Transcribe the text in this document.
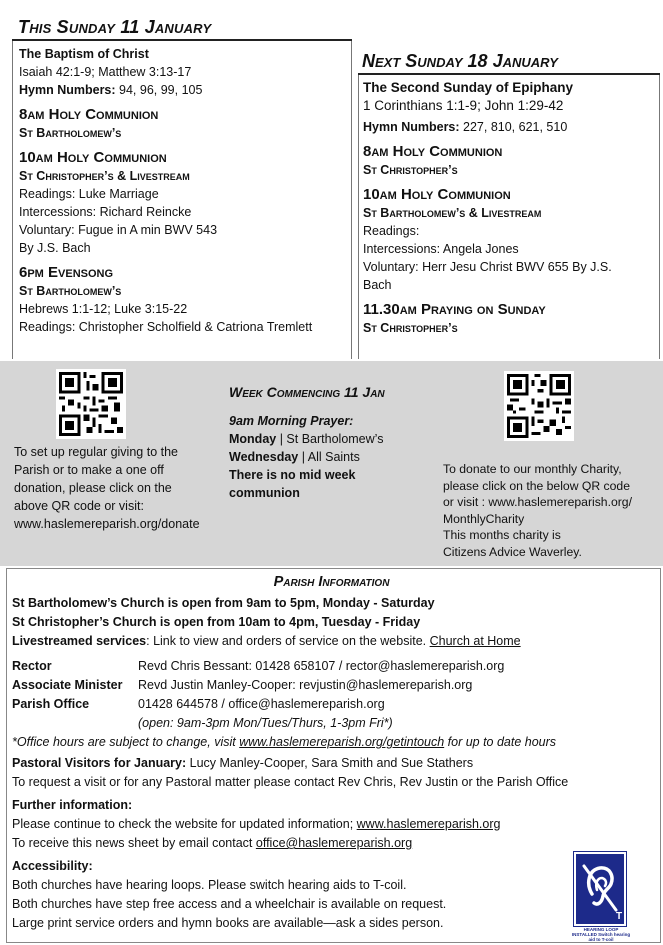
This Sunday 11 January

The Baptism of Christ

Isaiah 42:1-9; Matthew 3:13-17

Hymn Numbers: 94, 96, 99, 105

8am Holy Communion
St Bartholomew’s
10am Holy Communion
St Christopher’s & Livestream

Readings: Luke Marriage

Intercessions: Richard Reincke

Voluntary: Fugue in A min BWV 543

By J.S. Bach

6pm Evensong
St Bartholomew’s

Hebrews 1:1-12; Luke 3:15-22

Readings: Christopher Scholfield & Catriona Tremlett

Next Sunday 18 January

The Second Sunday of Epiphany

1 Corinthians 1:1-9; John 1:29-42

Hymn Numbers: 227, 810, 621, 510

8am Holy Communion
St Christopher’s
10am Holy Communion
St Bartholomew’s & Livestream

Readings:

Intercessions: Angela Jones

Voluntary: Herr Jesu Christ BWV 655 By J.S.

Bach

11.30am Praying on Sunday
St Christopher’s

To set up regular giving to the

Parish or to make a one off

donation, please click on the

above QR code or visit:

www.haslemereparish.org/donate

Week Commencing 11 Jan

9am Morning Prayer:

Monday | St Bartholomew’s

Wednesday | All Saints

There is no mid week

communion

To donate to our monthly Charity,

please click on the below QR code

or visit : www.haslemereparish.org/

MonthlyCharity

This months charity is

Citizens Advice Waverley.

Parish Information

St Bartholomew’s Church is open from 9am to 5pm, Monday - Saturday

St Christopher’s Church is open from 10am to 4pm, Tuesday - Friday

Livestreamed services: Link to view and orders of service on the website. Church at Home

Rector	Revd Chris Bessant: 01428 658107 / rector@haslemereparish.org
Associate Minister	Revd Justin Manley-Cooper: revjustin@haslemereparish.org
Parish Office	01428 644578 / office@haslemereparish.org
(open: 9am-3pm Mon/Tues/Thurs, 1-3pm Fri*)

*Office hours are subject to change, visit www.haslemereparish.org/getintouch for up to date hours

Pastoral Visitors for January: Lucy Manley-Cooper, Sara Smith and Sue Stathers

To request a visit or for any Pastoral matter please contact Rev Chris, Rev Justin or the Parish Office

Further information:

Please continue to check the website for updated information; www.haslemereparish.org

To receive this news sheet by email contact office@haslemereparish.org

Accessibility:

Both churches have hearing loops. Please switch hearing aids to T-coil.

Both churches have step free access and a wheelchair is available on request.

Large print service orders and hymn books are available—ask a sides person.	T
HEARING LOOP INSTALLED Switch hearing aid to T-coil
